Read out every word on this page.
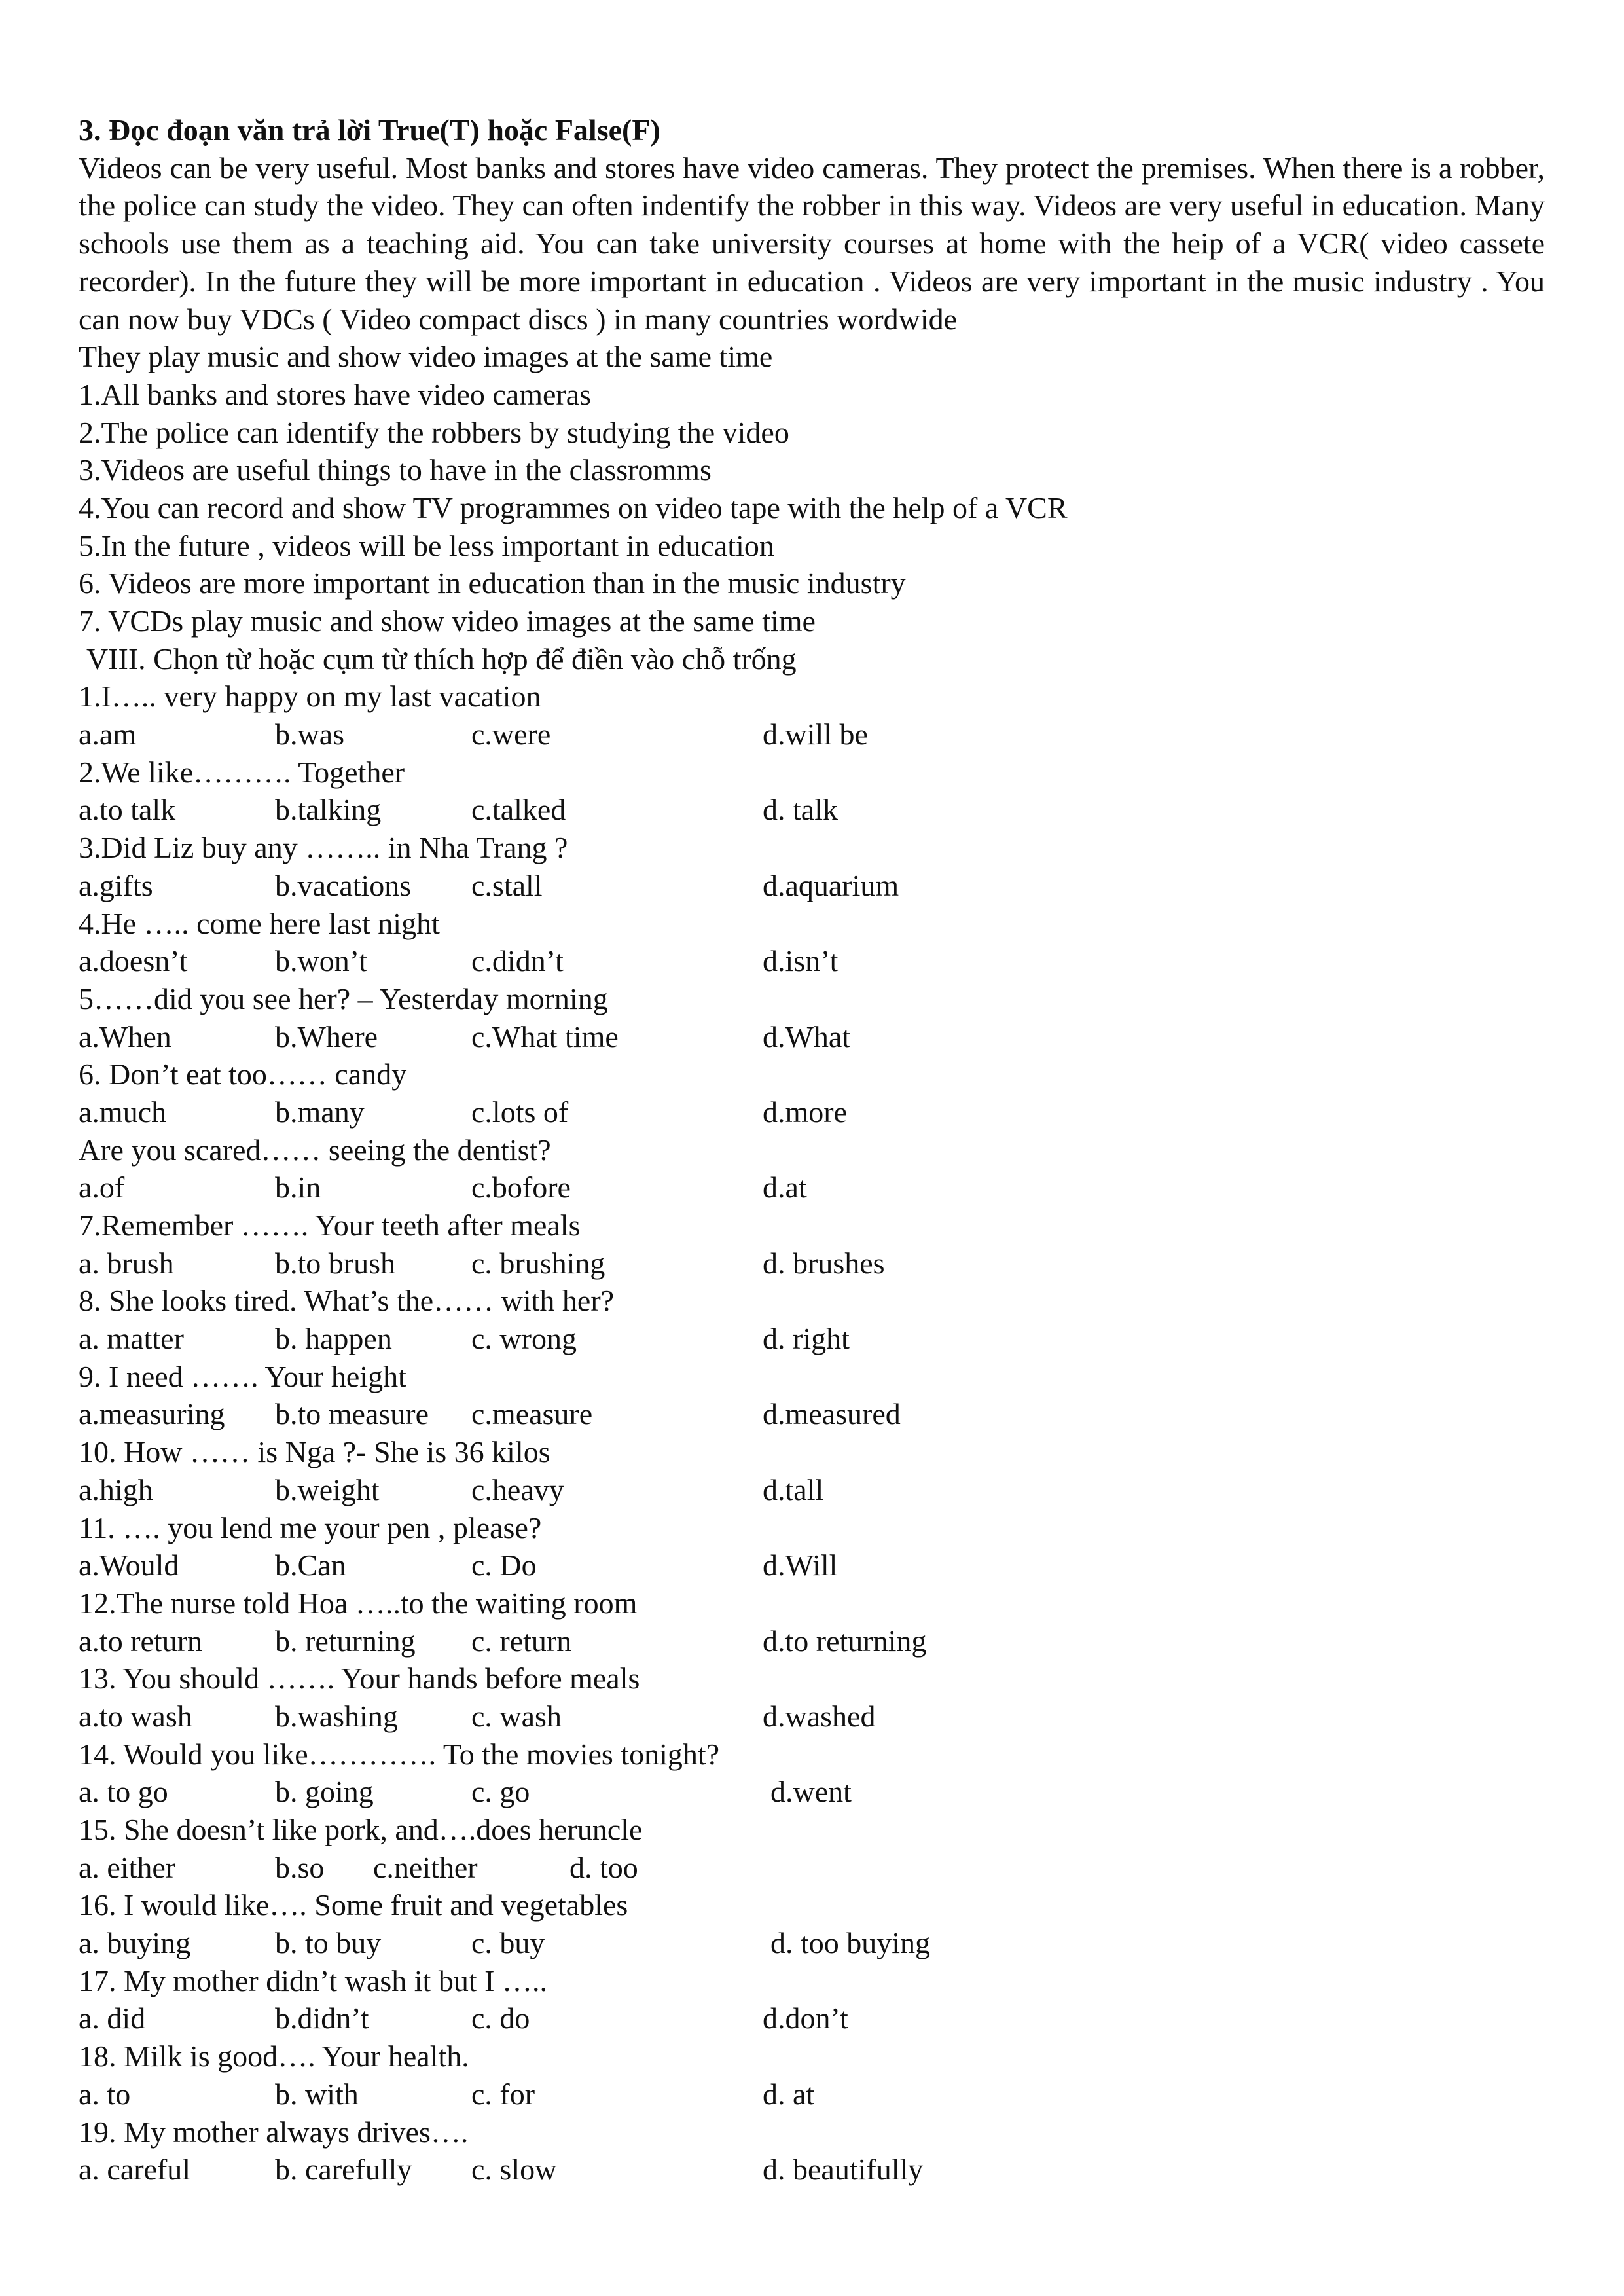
3. Đọc đoạn văn trả lời True(T) hoặc False(F)

Videos can be very useful. Most banks and stores have video cameras. They protect the premises. When there is a robber, the police can study the video. They can often indentify the robber in this way. Videos are very useful in education. Many schools use them as a teaching aid. You can take university courses at home with the heip of a VCR( video cassete recorder). In the future they will be more important in education . Videos are very important in the music industry . You can now buy VDCs ( Video compact discs ) in many countries wordwide

They play music and show video images at the same time
1.All banks and stores have video cameras
2.The police can identify the robbers by studying the video
3.Videos are useful things to have in the classromms
4.You can record and show TV programmes on video tape with the help of a VCR
5.In the future , videos will be less important in education
6. Videos are more important in education than in the music industry
7. VCDs play music and show video images at the same time
VIII. Chọn từ hoặc cụm từ thích hợp để điền vào chỗ trống
1.I….. very happy on my last vacation
a.am	b.was	c.were	d.will be
2.We like………. Together
a.to talk	b.talking	c.talked	d. talk
3.Did Liz buy any …….. in Nha Trang ?
a.gifts	b.vacations c.stall	d.aquarium
4.He ….. come here last night
a.doesn’t	b.won’t	c.didn’t	d.isn’t
5……did you see her? – Yesterday morning
a.When	b.Where	c.What time	d.What
6. Don’t eat too…… candy
a.much	b.many	c.lots of	d.more
Are you scared…… seeing the dentist?
a.of	b.in	c.bofore	d.at
7.Remember ……. Your teeth after meals
a. brush	b.to brush	c. brushing	d. brushes
8. She looks tired. What’s the…… with her?
a. matter	b. happen	c. wrong	d. right
9. I need ……. Your height
a.measuring b.to measure c.measure	d.measured
10. How …… is Nga ?- She is 36 kilos
a.high	b.weight	c.heavy	d.tall
11. …. you lend me your pen , please?
a.Would	b.Can	c. Do	d.Will
12.The nurse told Hoa …..to the waiting room
a.to return b. returning c. return	d.to returning
13. You should ……. Your hands before meals
a.to wash	b.washing c. wash	d.washed
14. Would you like…………. To the movies tonight?
a. to go	b. going	c. go	d.went
15. She doesn’t like pork, and….does heruncle
a. either	b.so c.neither	d. too
16. I would like…. Some fruit and vegetables
a. buying	b. to buy	c. buy	d. too buying
17. My mother didn’t wash it but I …..
a. did	b.didn’t	c. do	d.don’t
18. Milk is good…. Your health.
a. to	b. with	c. for	d. at
19. My mother always drives….
a. careful	b. carefully c. slow	d. beautifully
